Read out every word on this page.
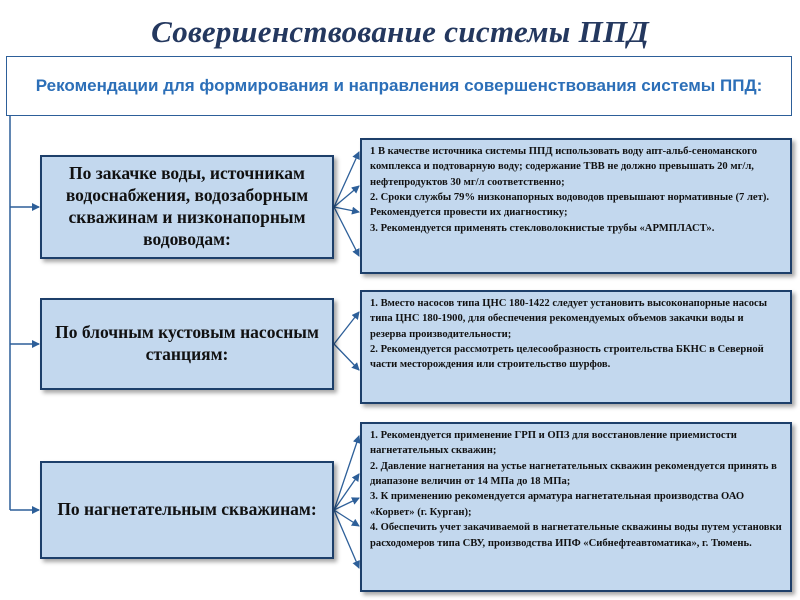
Совершенствование системы ППД
Рекомендации для формирования и направления совершенствования системы ППД:
По закачке воды, источникам водоснабжения, водозаборным скважинам и низконапорным водоводам:
По блочным кустовым насосным станциям:
По нагнетательным скважинам:

1 В качестве источника системы ППД использовать воду апт-альб-сеноманского комплекса и подтоварную воду; содержание ТВВ не должно превышать 20 мг/л, нефтепродуктов 30 мг/л соответственно;

2. Сроки службы 79% низконапорных водоводов превышают нормативные (7 лет). Рекомендуется провести их диагностику;

3. Рекомендуется применять стекловолокнистые трубы «АРМПЛАСТ».

1. Вместо насосов типа ЦНС 180-1422 следует установить высоконапорные насосы типа ЦНС 180-1900, для обеспечения рекомендуемых объемов закачки воды и резерва производительности;

2. Рекомендуется рассмотреть целесообразность строительства БКНС в Северной части месторождения или строительство шурфов.

1. Рекомендуется применение ГРП и ОПЗ для восстановление приемистости нагнетательных скважин;

2. Давление нагнетания на устье нагнетательных скважин рекомендуется принять в диапазоне величин от 14 МПа до 18 МПа;

3. К применению рекомендуется арматура нагнетательная производства ОАО «Корвет» (г. Курган);

4. Обеспечить учет закачиваемой в нагнетательные скважины воды путем установки расходомеров типа СВУ, производства ИПФ «Сибнефтеавтоматика», г. Тюмень.
